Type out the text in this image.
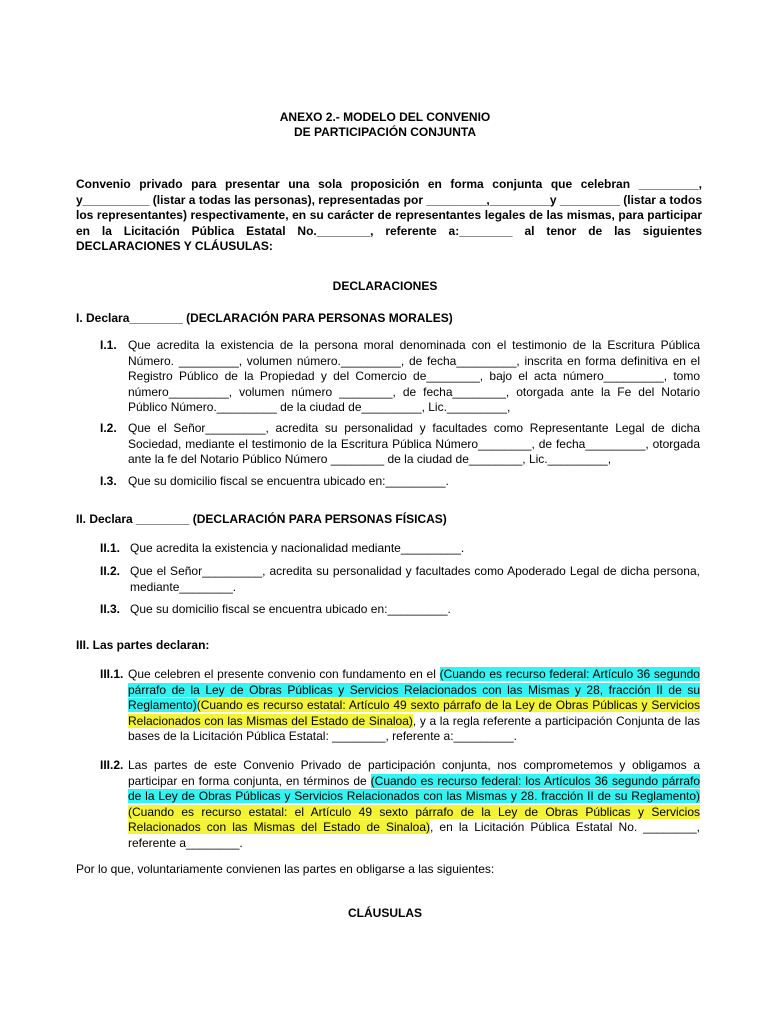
ANEXO 2.- MODELO DEL CONVENIO
DE PARTICIPACIÓN CONJUNTA

Convenio privado para presentar una sola proposición en forma conjunta que celebran _________, y__________ (listar a todas las personas), representadas por _________,_________y _________ (listar a todos los representantes) respectivamente, en su carácter de representantes legales de las mismas, para participar en la Licitación Pública Estatal No.________, referente a:________ al tenor de las siguientes DECLARACIONES Y CLÁUSULAS:

DECLARACIONES

I. Declara________ (DECLARACIÓN PARA PERSONAS MORALES)

I.1. Que acredita la existencia de la persona moral denominada con el testimonio de la Escritura Pública Número. _________, volumen número._________, de fecha_________, inscrita en forma definitiva en el Registro Público de la Propiedad y del Comercio de________, bajo el acta número_________, tomo número_________, volumen número ________, de fecha________, otorgada ante la Fe del Notario Público Número._________ de la ciudad de_________, Lic._________,
I.2. Que el Señor_________, acredita su personalidad y facultades como Representante Legal de dicha Sociedad, mediante el testimonio de la Escritura Pública Número________, de fecha_________, otorgada ante la fe del Notario Público Número ________ de la ciudad de________, Lic._________,
I.3. Que su domicilio fiscal se encuentra ubicado en:_________.

II. Declara ________ (DECLARACIÓN PARA PERSONAS FÍSICAS)

II.1. Que acredita la existencia y nacionalidad mediante_________.
II.2. Que el Señor_________, acredita su personalidad y facultades como Apoderado Legal de dicha persona, mediante________.
II.3. Que su domicilio fiscal se encuentra ubicado en:_________.

III. Las partes declaran:

III.1. Que celebren el presente convenio con fundamento en el (Cuando es recurso federal: Artículo 36 segundo párrafo de la Ley de Obras Públicas y Servicios Relacionados con las Mismas y 28, fracción II de su Reglamento)(Cuando es recurso estatal: Artículo 49 sexto párrafo de la Ley de Obras Públicas y Servicios Relacionados con las Mismas del Estado de Sinaloa), y a la regla referente a participación Conjunta de las bases de la Licitación Pública Estatal: ________, referente a:_________.
III.2. Las partes de este Convenio Privado de participación conjunta, nos comprometemos y obligamos a participar en forma conjunta, en términos de (Cuando es recurso federal: los Artículos 36 segundo párrafo de la Ley de Obras Públicas y Servicios Relacionados con las Mismas y 28. fracción II de su Reglamento)(Cuando es recurso estatal: el Artículo 49 sexto párrafo de la Ley de Obras Públicas y Servicios Relacionados con las Mismas del Estado de Sinaloa), en la Licitación Pública Estatal No. ________, referente a________.

Por lo que, voluntariamente convienen las partes en obligarse a las siguientes:

CLÁUSULAS
